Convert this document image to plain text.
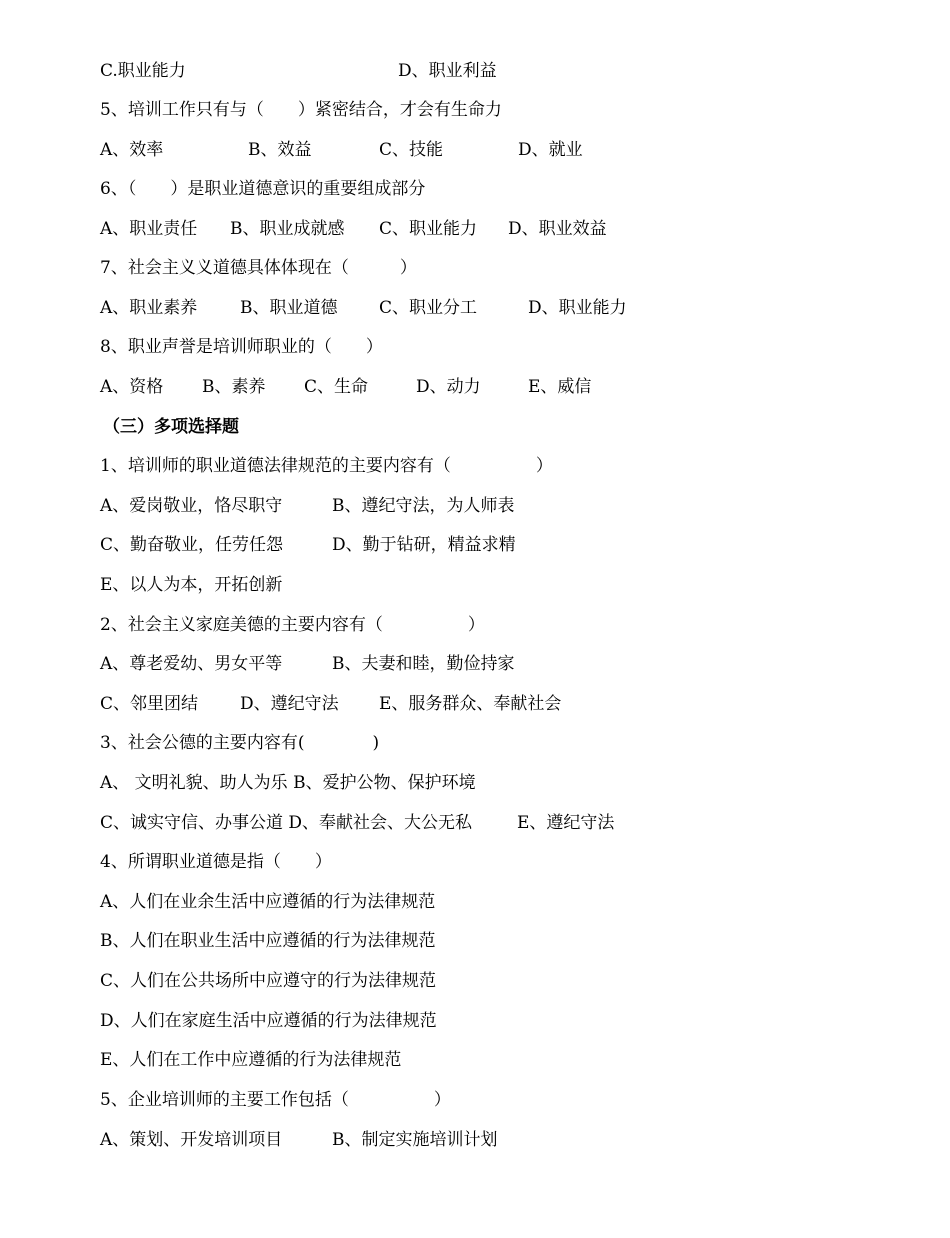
C.职业能力

	D、职业利益

5、培训工作只有与（　　）紧密结合，才会有生命力

A、效率

	B、效益

	C、技能

	D、就业

6、（　　）是职业道德意识的重要组成部分

A、职业责任

B、职业成就感

C、职业能力

D、职业效益

7、社会主义义道德具体体现在（　　　）

A、职业素养

	B、职业道德

C、职业分工

	D、职业能力

8、职业声誉是培训师职业的（　　）

A、资格

B、素养

C、生命

	D、动力

	E、威信

（三）多项选择题

1、培训师的职业道德法律规范的主要内容有（　　　　　）

A、爱岗敬业，恪尽职守

	B、遵纪守法，为人师表

C、勤奋敬业，任劳任怨

	D、勤于钻研，精益求精

E、以人为本，开拓创新

2、社会主义家庭美德的主要内容有（　　　　　）

A、尊老爱幼、男女平等

	B、夫妻和睦，勤俭持家

C、邻里团结

D、遵纪守法

E、服务群众、奉献社会

3、社会公德的主要内容有(　　　　)

A、 文明礼貌、助人为乐 B、爱护公物、保护环境

C、诚实守信、办事公道 D、奉献社会、大公无私

	E、遵纪守法

4、所谓职业道德是指（　　）

A、人们在业余生活中应遵循的行为法律规范

B、人们在职业生活中应遵循的行为法律规范

C、人们在公共场所中应遵守的行为法律规范

D、人们在家庭生活中应遵循的行为法律规范

E、人们在工作中应遵循的行为法律规范

5、企业培训师的主要工作包括（　　　　　）

A、策划、开发培训项目

	B、制定实施培训计划
